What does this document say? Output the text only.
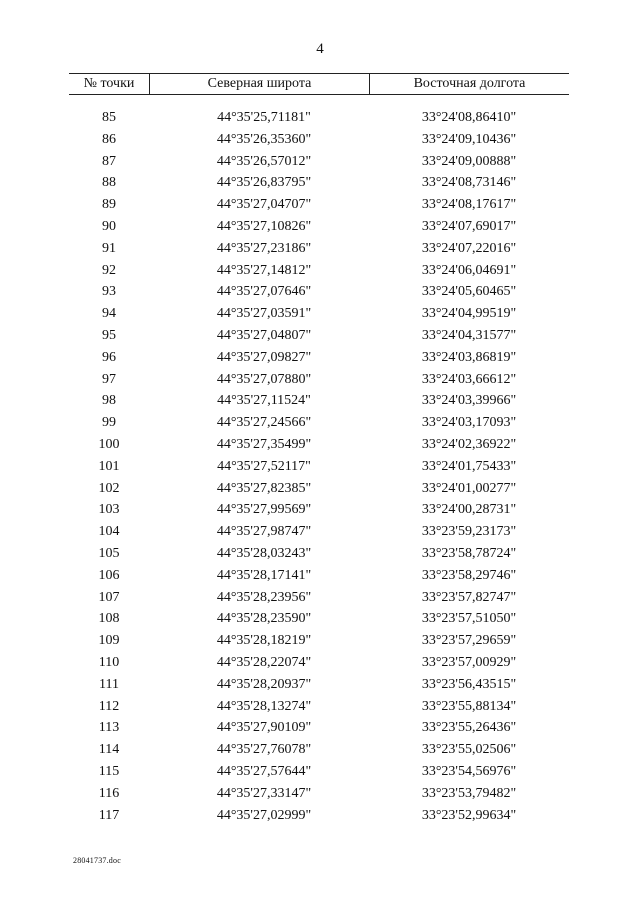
4
№ точки	Северная широта	Восточная долгота
85	44°35'25,71181"	33°24'08,86410"
86	44°35'26,35360"	33°24'09,10436"
87	44°35'26,57012"	33°24'09,00888"
88	44°35'26,83795"	33°24'08,73146"
89	44°35'27,04707"	33°24'08,17617"
90	44°35'27,10826"	33°24'07,69017"
91	44°35'27,23186"	33°24'07,22016"
92	44°35'27,14812"	33°24'06,04691"
93	44°35'27,07646"	33°24'05,60465"
94	44°35'27,03591"	33°24'04,99519"
95	44°35'27,04807"	33°24'04,31577"
96	44°35'27,09827"	33°24'03,86819"
97	44°35'27,07880"	33°24'03,66612"
98	44°35'27,11524"	33°24'03,39966"
99	44°35'27,24566"	33°24'03,17093"
100	44°35'27,35499"	33°24'02,36922"
101	44°35'27,52117"	33°24'01,75433"
102	44°35'27,82385"	33°24'01,00277"
103	44°35'27,99569"	33°24'00,28731"
104	44°35'27,98747"	33°23'59,23173"
105	44°35'28,03243"	33°23'58,78724"
106	44°35'28,17141"	33°23'58,29746"
107	44°35'28,23956"	33°23'57,82747"
108	44°35'28,23590"	33°23'57,51050"
109	44°35'28,18219"	33°23'57,29659"
110	44°35'28,22074"	33°23'57,00929"
111	44°35'28,20937"	33°23'56,43515"
112	44°35'28,13274"	33°23'55,88134"
113	44°35'27,90109"	33°23'55,26436"
114	44°35'27,76078"	33°23'55,02506"
115	44°35'27,57644"	33°23'54,56976"
116	44°35'27,33147"	33°23'53,79482"
117	44°35'27,02999"	33°23'52,99634"
28041737.doc
